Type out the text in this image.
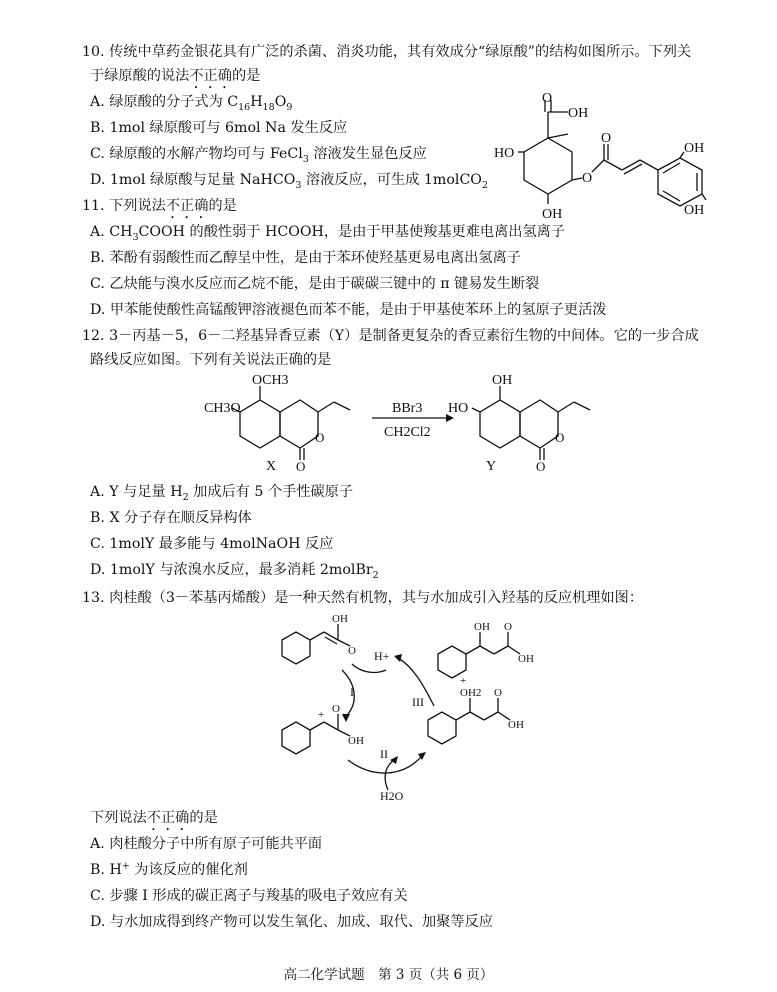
10. 传统中草药金银花具有广泛的杀菌、消炎功能，其有效成分“绿原酸”的结构如图所示。下列关
于绿原酸的说法不正确的是
A. 绿原酸的分子式为 $C_{16}H_{18}O_9$
B. 1mol 绿原酸可与 6mol Na 发生反应
C. 绿原酸的水解产物均可与 FeCl$_3$ 溶液发生显色反应
D. 1mol 绿原酸与足量 NaHCO$_3$ 溶液反应，可生成 1molCO$_2$
O
OH
HO
OH
O
O
OH
OH
11. 下列说法不正确的是
A. $CH_3COOH$ 的酸性弱于 HCOOH，是由于甲基使羧基更难电离出氢离子
B. 苯酚有弱酸性而乙醇呈中性，是由于苯环使羟基更易电离出氢离子
C. 乙炔能与溴水反应而乙烷不能，是由于碳碳三键中的 π 键易发生断裂
D. 甲苯能使酸性高锰酸钾溶液褪色而苯不能，是由于甲基使苯环上的氢原子更活泼
12. 3－丙基－5，6－二羟基异香豆素（Y）是制备更复杂的香豆素衍生物的中间体。它的一步合成
路线反应如图。下列有关说法正确的是
OCH3
CH3O
O
O
X
BBr3
CH2Cl2
OH
HO
O
O
Y
A. Y 与足量 $H_2$ 加成后有 5 个手性碳原子
B. X 分子存在顺反异构体
C. 1molY 最多能与 4molNaOH 反应
D. 1molY 与浓溴水反应，最多消耗 2molBr$_2$
13. 肉桂酸（3－苯基丙烯酸）是一种天然有机物，其与水加成引入羟基的反应机理如图：
OH
O H+
OH O
OH
+
OH2 O
OH
+ O
OH
I
II
III
H2O
下列说法不正确的是
A. 肉桂酸分子中所有原子可能共平面
B. H+ 为该反应的催化剂
C. 步骤 Ⅰ 形成的碳正离子与羧基的吸电子效应有关
D. 与水加成得到终产物可以发生氧化、加成、取代、加聚等反应
高二化学试题　第 3 页（共 6 页）
